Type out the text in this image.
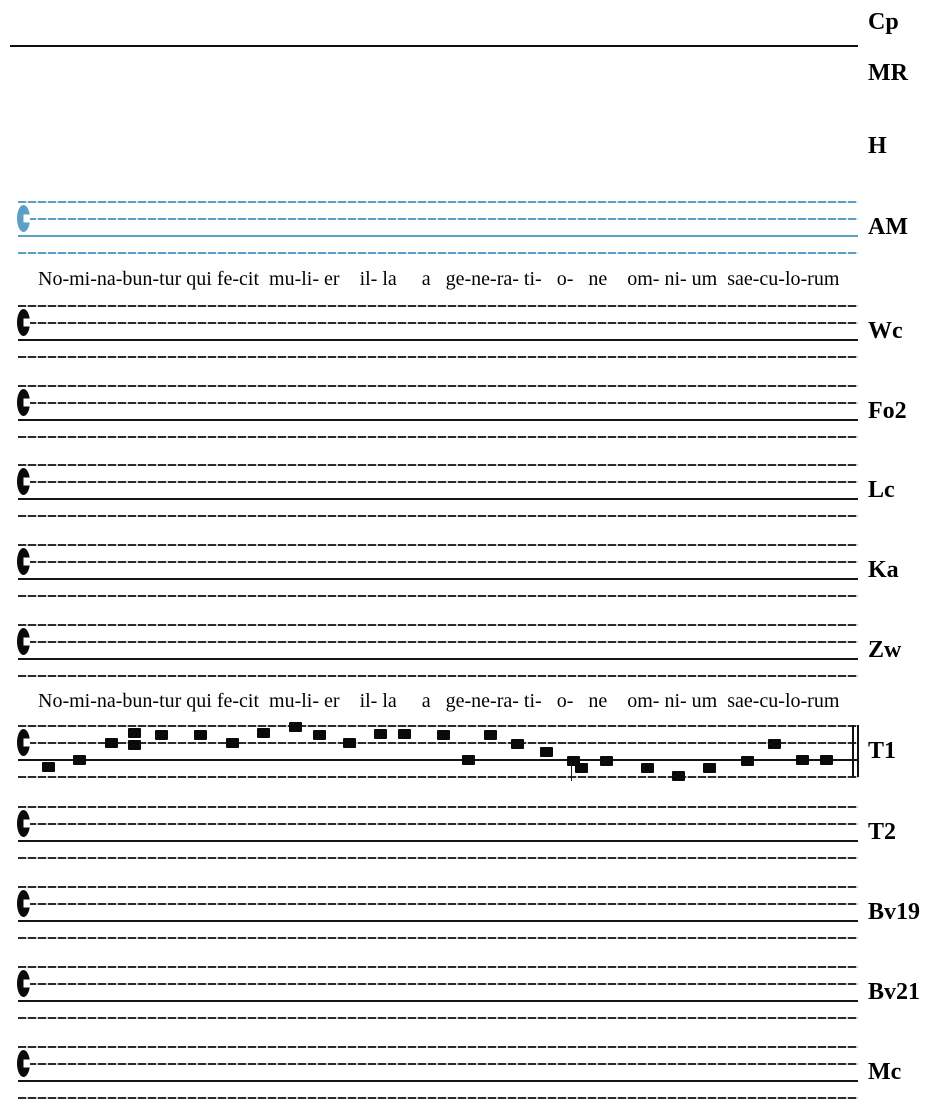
No-mi-na-bun-tur qui fe-cit  mu-li- er    il- la     a   ge-ne-ra- ti-   o-   ne    om- ni- um  sae-cu-lo-rum
No-mi-na-bun-tur qui fe-cit  mu-li- er    il- la     a   ge-ne-ra- ti-   o-   ne    om- ni- um  sae-cu-lo-rum
Cp
MR
H
AM
Wc
Fo2
Lc
Ka
Zw
T1
T2
Bv19
Bv21
Mc
